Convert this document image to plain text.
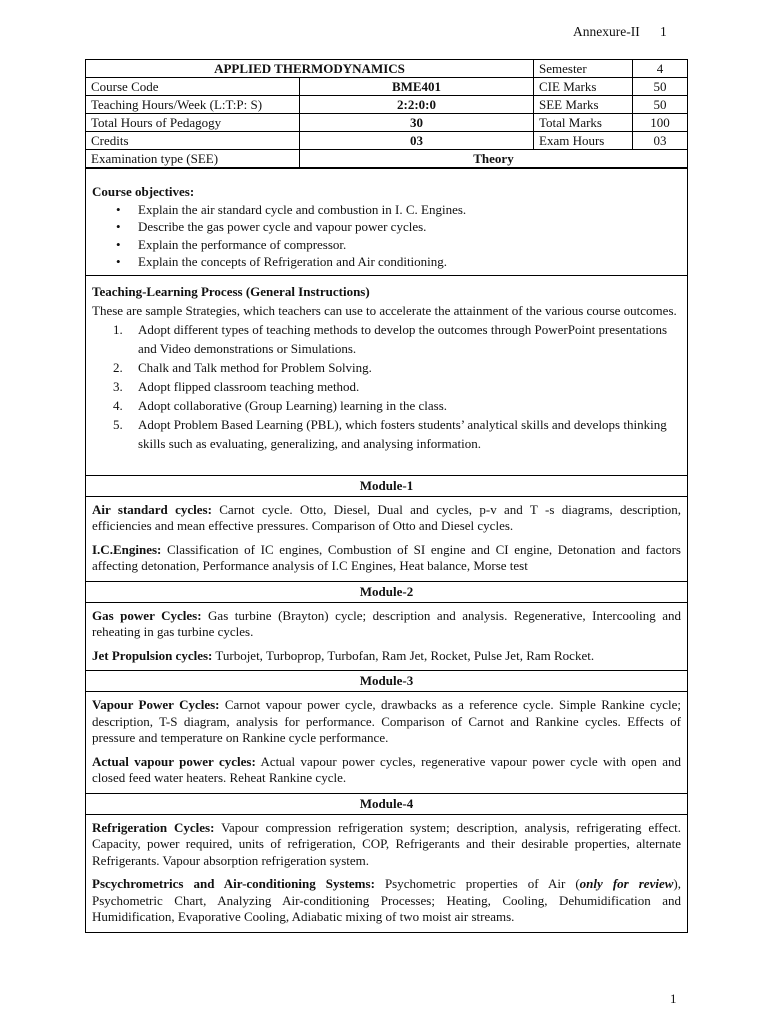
Annexure-II 1
APPLIED THERMODYNAMICS		Semester	4
Course Code	BME401	CIE Marks	50
Teaching Hours/Week (L:T:P: S)	2:2:0:0	SEE Marks	50
Total Hours of Pedagogy	30	Total Marks	100
Credits	03	Exam Hours	03
Examination type (SEE)	Theory		
Course objectives:
• Explain the air standard cycle and combustion in I. C. Engines.
• Describe the gas power cycle and vapour power cycles.
• Explain the performance of compressor.
• Explain the concepts of Refrigeration and Air conditioning.
Teaching-Learning Process (General Instructions)
These are sample Strategies, which teachers can use to accelerate the attainment of the various course outcomes.
1. Adopt different types of teaching methods to develop the outcomes through PowerPoint presentations and Video demonstrations or Simulations.
2. Chalk and Talk method for Problem Solving.
3. Adopt flipped classroom teaching method.
4. Adopt collaborative (Group Learning) learning in the class.
5. Adopt Problem Based Learning (PBL), which fosters students’ analytical skills and develops thinking skills such as evaluating, generalizing, and analysing information.
Module-1

Air standard cycles: Carnot cycle. Otto, Diesel, Dual and cycles, p-v and T -s diagrams, description, efficiencies and mean effective pressures. Comparison of Otto and Diesel cycles.

I.C.Engines: Classification of IC engines, Combustion of SI engine and CI engine, Detonation and factors affecting detonation, Performance analysis of I.C Engines, Heat balance, Morse test

Module-2

Gas power Cycles: Gas turbine (Brayton) cycle; description and analysis. Regenerative, Intercooling and reheating in gas turbine cycles.

Jet Propulsion cycles: Turbojet, Turboprop, Turbofan, Ram Jet, Rocket, Pulse Jet, Ram Rocket.

Module-3

Vapour Power Cycles: Carnot vapour power cycle, drawbacks as a reference cycle. Simple Rankine cycle; description, T-S diagram, analysis for performance. Comparison of Carnot and Rankine cycles. Effects of pressure and temperature on Rankine cycle performance.

Actual vapour power cycles: Actual vapour power cycles, regenerative vapour power cycle with open and closed feed water heaters. Reheat Rankine cycle.

Module-4

Refrigeration Cycles: Vapour compression refrigeration system; description, analysis, refrigerating effect. Capacity, power required, units of refrigeration, COP, Refrigerants and their desirable properties, alternate Refrigerants. Vapour absorption refrigeration system.

Pscychrometrics and Air-conditioning Systems: Psychometric properties of Air (only for review), Psychometric Chart, Analyzing Air-conditioning Processes; Heating, Cooling, Dehumidification and Humidification, Evaporative Cooling, Adiabatic mixing of two moist air streams.

1
